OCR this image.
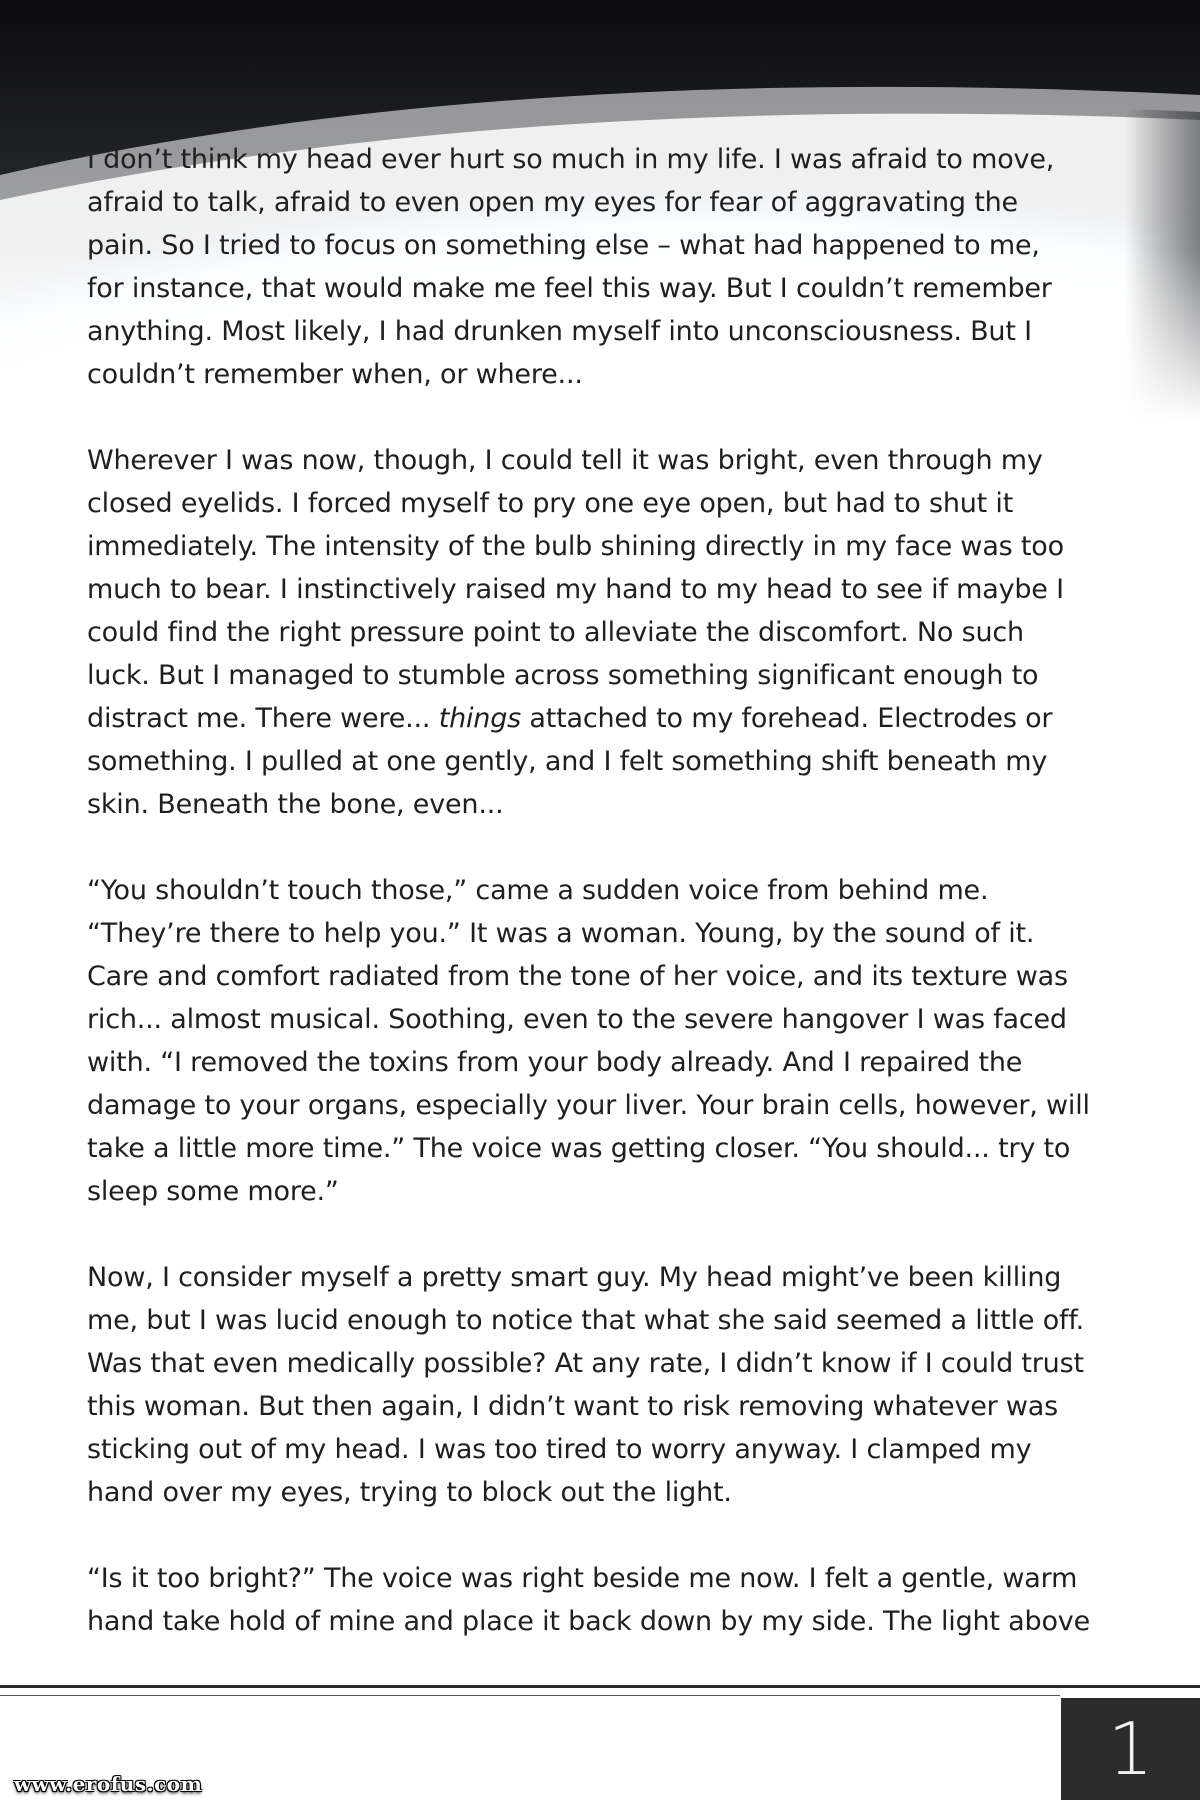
I don’t think my head ever hurt so much in my life. I was afraid to move,
afraid to talk, afraid to even open my eyes for fear of aggravating the
pain. So I tried to focus on something else – what had happened to me,
for instance, that would make me feel this way. But I couldn’t remember
anything. Most likely, I had drunken myself into unconsciousness. But I
couldn’t remember when, or where...
Wherever I was now, though, I could tell it was bright, even through my
closed eyelids. I forced myself to pry one eye open, but had to shut it
immediately. The intensity of the bulb shining directly in my face was too
much to bear. I instinctively raised my hand to my head to see if maybe I
could find the right pressure point to alleviate the discomfort. No such
luck. But I managed to stumble across something significant enough to
distract me. There were... things attached to my forehead. Electrodes or
something. I pulled at one gently, and I felt something shift beneath my
skin. Beneath the bone, even...
“You shouldn’t touch those,” came a sudden voice from behind me.
“They’re there to help you.” It was a woman. Young, by the sound of it.
Care and comfort radiated from the tone of her voice, and its texture was
rich... almost musical. Soothing, even to the severe hangover I was faced
with. “I removed the toxins from your body already. And I repaired the
damage to your organs, especially your liver. Your brain cells, however, will
take a little more time.” The voice was getting closer. “You should... try to
sleep some more.”
Now, I consider myself a pretty smart guy. My head might’ve been killing
me, but I was lucid enough to notice that what she said seemed a little off.
Was that even medically possible? At any rate, I didn’t know if I could trust
this woman. But then again, I didn’t want to risk removing whatever was
sticking out of my head. I was too tired to worry anyway. I clamped my
hand over my eyes, trying to block out the light.
“Is it too bright?” The voice was right beside me now. I felt a gentle, warm
hand take hold of mine and place it back down by my side. The light above
1
www.erofus.com
